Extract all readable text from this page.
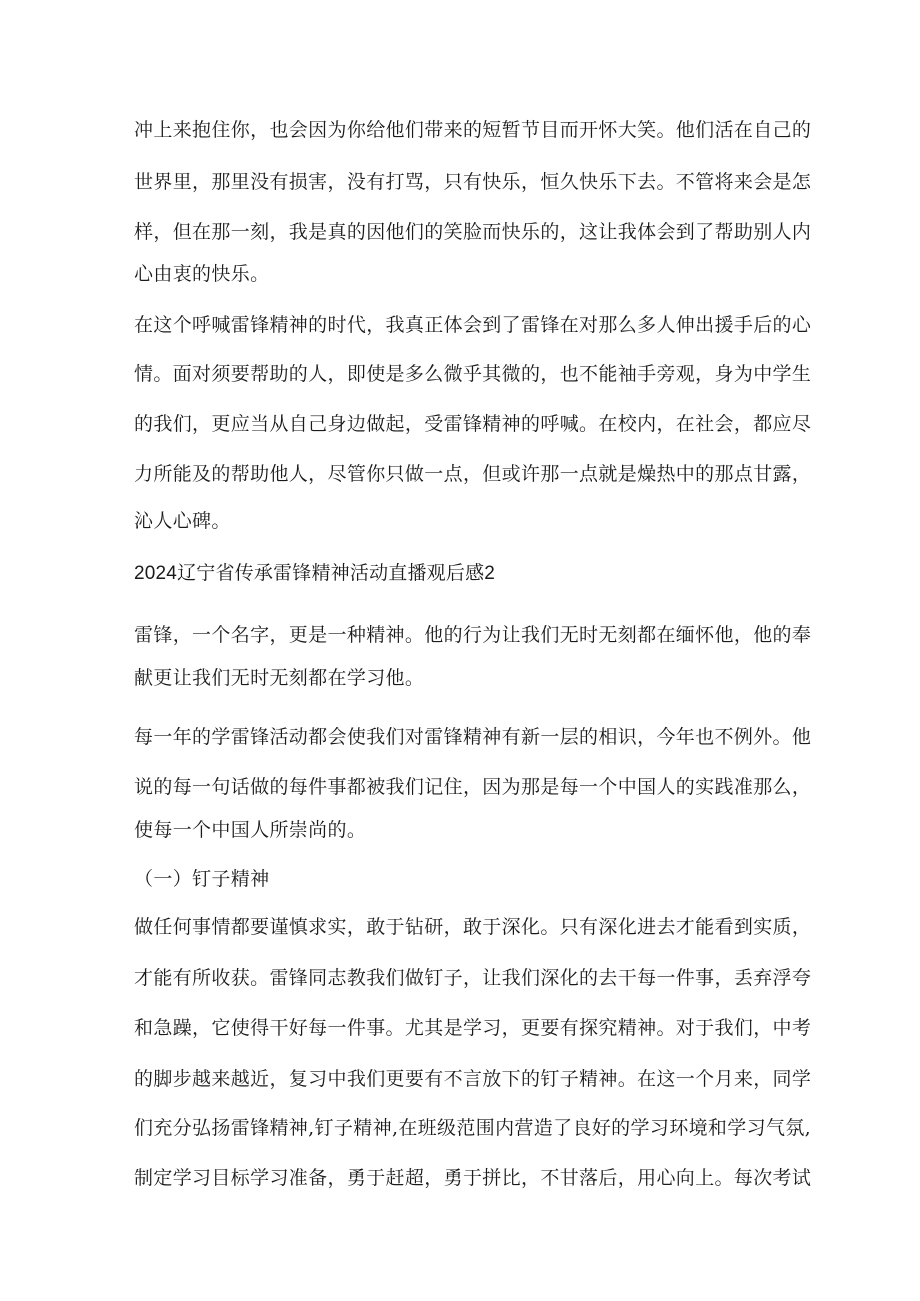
冲上来抱住你，也会因为你给他们带来的短暂节目而开怀大笑。他们活在自己的
世界里，那里没有损害，没有打骂，只有快乐，恒久快乐下去。不管将来会是怎
样，但在那一刻，我是真的因他们的笑脸而快乐的，这让我体会到了帮助别人内
心由衷的快乐。
在这个呼喊雷锋精神的时代，我真正体会到了雷锋在对那么多人伸出援手后的心
情。面对须要帮助的人，即使是多么微乎其微的，也不能袖手旁观，身为中学生
的我们，更应当从自己身边做起，受雷锋精神的呼喊。在校内，在社会，都应尽
力所能及的帮助他人，尽管你只做一点，但或许那一点就是燥热中的那点甘露，
沁人心碑。
2024辽宁省传承雷锋精神活动直播观后感2
雷锋，一个名字，更是一种精神。他的行为让我们无时无刻都在缅怀他，他的奉
献更让我们无时无刻都在学习他。
每一年的学雷锋活动都会使我们对雷锋精神有新一层的相识，今年也不例外。他
说的每一句话做的每件事都被我们记住，因为那是每一个中国人的实践准那么，
使每一个中国人所崇尚的。
（一）钉子精神
做任何事情都要谨慎求实，敢于钻研，敢于深化。只有深化进去才能看到实质，
才能有所收获。雷锋同志教我们做钉子，让我们深化的去干每一件事，丢弃浮夸
和急躁，它使得干好每一件事。尤其是学习，更要有探究精神。对于我们，中考
的脚步越来越近，复习中我们更要有不言放下的钉子精神。在这一个月来，同学
们充分弘扬雷锋精神,钉子精神,在班级范围内营造了良好的学习环境和学习气氛,
制定学习目标学习准备，勇于赶超，勇于拼比，不甘落后，用心向上。每次考试
